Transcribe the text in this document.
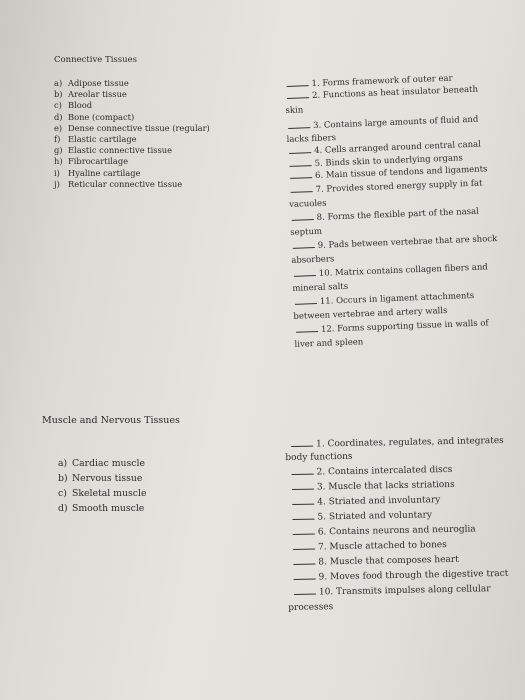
Connective Tissues
a) Adipose tissue
b) Areolar tissue
c) Blood
d) Bone (compact)
e) Dense connective tissue (regular)
f) Elastic cartilage
g) Elastic connective tissue
h) Fibrocartilage
i) Hyaline cartilage
j) Reticular connective tissue
1. Forms framework of outer ear
2. Functions as heat insulator beneath
skin
3. Contains large amounts of fluid and
lacks fibers
4. Cells arranged around central canal
5. Binds skin to underlying organs
6. Main tissue of tendons and ligaments
7. Provides stored energy supply in fat
vacuoles
8. Forms the flexible part of the nasal
septum
9. Pads between vertebrae that are shock
absorbers
10. Matrix contains collagen fibers and
mineral salts
11. Occurs in ligament attachments
between vertebrae and artery walls
12. Forms supporting tissue in walls of
liver and spleen
Muscle and Nervous Tissues
a) Cardiac muscle
b) Nervous tissue
c) Skeletal muscle
d) Smooth muscle
1. Coordinates, regulates, and integrates
body functions
2. Contains intercalated discs
3. Muscle that lacks striations
4. Striated and involuntary
5. Striated and voluntary
6. Contains neurons and neuroglia
7. Muscle attached to bones
8. Muscle that composes heart
9. Moves food through the digestive tract
10. Transmits impulses along cellular
processes
